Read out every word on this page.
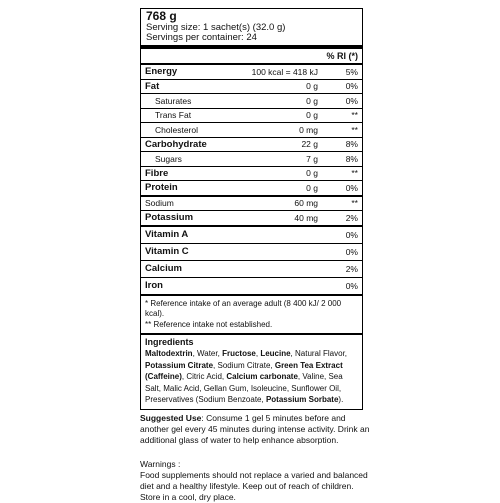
768 g
Serving size: 1 sachet(s) (32.0 g)
Servings per container: 24
% RI (*)
Energy	100 kcal = 418 kJ	5%
Fat	0 g	0%
Saturates	0 g	0%
Trans Fat	0 g	**
Cholesterol	0 mg	**
Carbohydrate	22 g	8%
Sugars	7 g	8%
Fibre	0 g	**
Protein	0 g	0%
Sodium	60 mg	**
Potassium	40 mg	2%
Vitamin A	0%
Vitamin C	0%
Calcium	2%
Iron	0%
* Reference intake of an average adult (8 400 kJ/ 2 000 kcal).
** Reference intake not established.
Ingredients
Maltodextrin, Water, Fructose, Leucine, Natural Flavor, Potassium Citrate, Sodium Citrate, Green Tea Extract (Caffeine), Citric Acid, Calcium carbonate, Valine, Sea Salt, Malic Acid, Gellan Gum, Isoleucine, Sunflower Oil, Preservatives (Sodium Benzoate, Potassium Sorbate).
Suggested Use: Consume 1 gel 5 minutes before and another gel every 45 minutes during intense activity. Drink an additional glass of water to help enhance absorption.
Warnings :
Food supplements should not replace a varied and balanced diet and a healthy lifestyle. Keep out of reach of children. Store in a cool, dry place.
